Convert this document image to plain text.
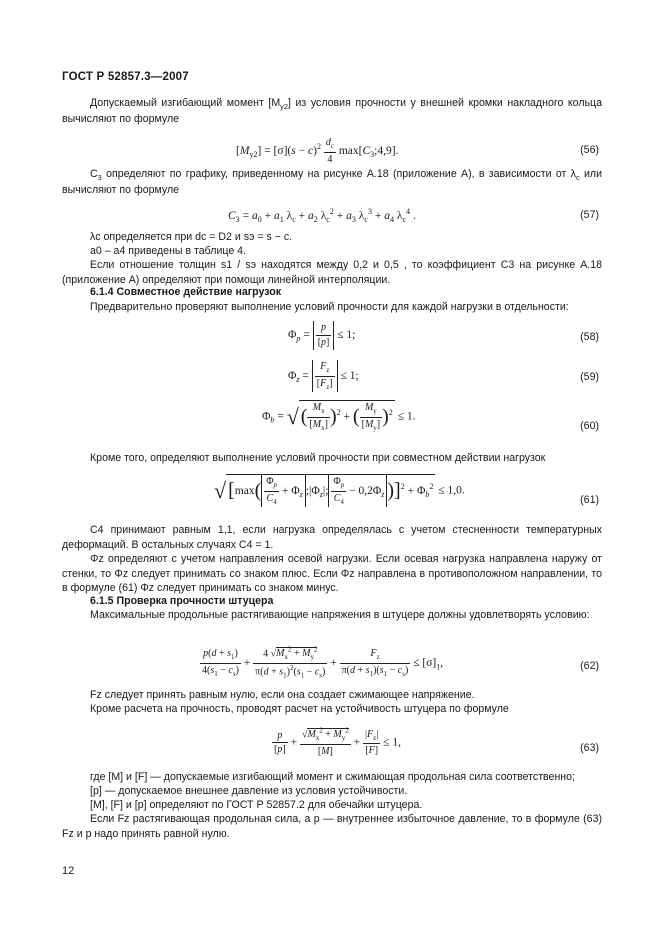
ГОСТ Р 52857.3—2007

Допускаемый изгибающий момент $[M_{y2}]$ из условия прочности у внешней кромки накладного кольца вычисляют по формуле

$[M_{y2}] = [\sigma](s - c)^2 \frac{d_c}{4}$ $\max[C_3;4,9]$.	(56)

$C_3$ определяют по графику, приведенному на рисунке А.18 (приложение А), в зависимости от $\lambda_c$ или вычисляют по формуле

$C_3 = a_0 + a_1$ $\lambda_c + a_2$ $\lambda_c^2 + a_3$ $\lambda_c^3 + a_4$ $\lambda_c^4$ .	(57)

λc определяется при dc = D2 и sэ = s − c.

a0 – a4 приведены в таблице 4.

Если отношение толщин s1 / sэ находятся между 0,2 и 0,5 , то коэффициент C3 на рисунке А.18 (приложение А) определяют при помощи линейной интерполяции.

6.1.4 Совместное действие нагрузок

Предварительно проверяют выполнение условий прочности для каждой нагрузки в отдельности:

$\Phi_p = \frac{p}{[p]} \le 1$;	(58)
$\Phi_z = \frac{F_z}{[F_z]} \le 1$;	(59)
$\Phi_b$ = √ ( $\frac{M_x}{[M_x]} )^2$ + ( $\frac{M_y}{[M_y]} )^2 \le 1$.
(60)

Кроме того, определяют выполнение условий прочности при совместном действии нагрузок

√ [$\max( \frac{\Phi_p}{C_4} + \Phi_z$ $;|\Phi_z|$; $\frac{\Phi_p}{C_4} - 0,2\Phi_z$ )]$^2 + \Phi_b^2 \le 1,0$.
(61)

C4 принимают равным 1,1, если нагрузка определялась с учетом стесненности температурных деформаций. В остальных случаях C4 = 1.

Φz определяют с учетом направления осевой нагрузки. Если осевая нагрузка направлена наружу от стенки, то Φz следует принимать со знаком плюс. Если Φz направлена в противоположном направлении, то в формуле (61) Φz следует принимать со знаком минус.

6.1.5 Проверка прочности штуцера

Максимальные продольные растягивающие напряжения в штуцере должны удовлетворять условию:

$\frac{p(d + s_1)}{4(s_1 - c_s)} + \frac{4 √M_x^2 + M_y^2}{\pi(d + s_1)^2(s_1 - c_s)} + \frac{F_z}{\pi(d + s_1)(s_1 - c_s)} \le [\sigma]_1$,	(62)

Fz следует принять равным нулю, если она создает сжимающее напряжение.

Кроме расчета на прочность, проводят расчет на устойчивость штуцера по формуле

$\frac{p}{[p]} + \frac{√M_x^2 + M_y^2}{[M]} + \frac{|F_z|}{[F]} \le 1$,	(63)

где [M] и [F] — допускаемые изгибающий момент и сжимающая продольная сила соответственно;

[p] — допускаемое внешнее давление из условия устойчивости.

[M], [F] и [p] определяют по ГОСТ Р 52857.2 для обечайки штуцера.

Если Fz растягивающая продольная сила, а p — внутреннее избыточное давление, то в формуле (63) Fz и p надо принять равной нулю.

12
